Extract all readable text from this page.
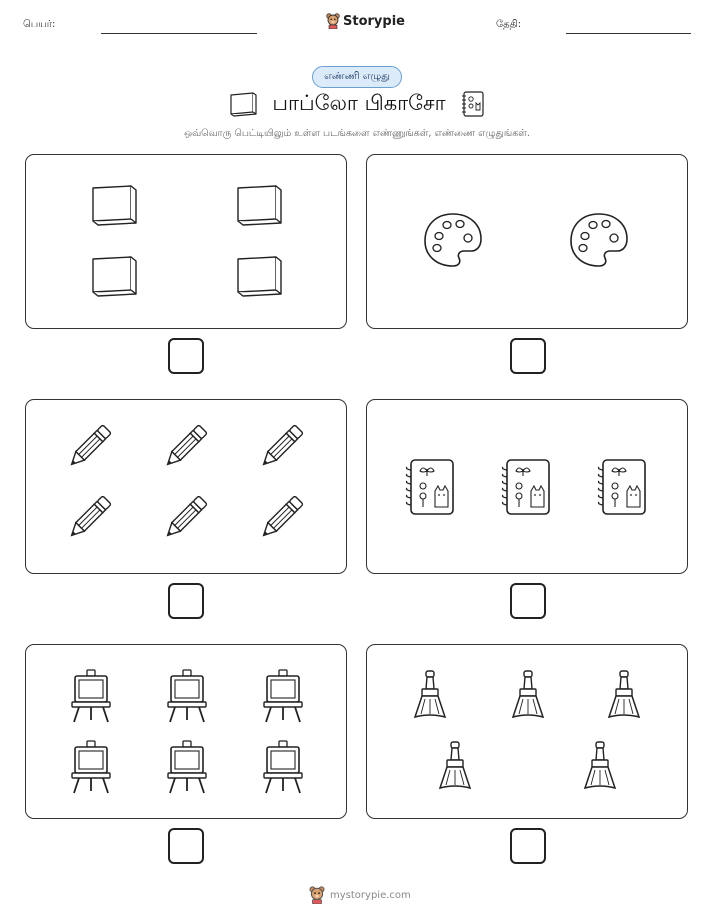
பெயர்:	Storypie	தேதி:
எண்ணி எழுது
பாப்லோ பிகாசோ
ஒவ்வொரு பெட்டியிலும் உள்ள படங்களை எண்ணுங்கள், எண்ணை எழுதுங்கள்.
mystorypie.com
